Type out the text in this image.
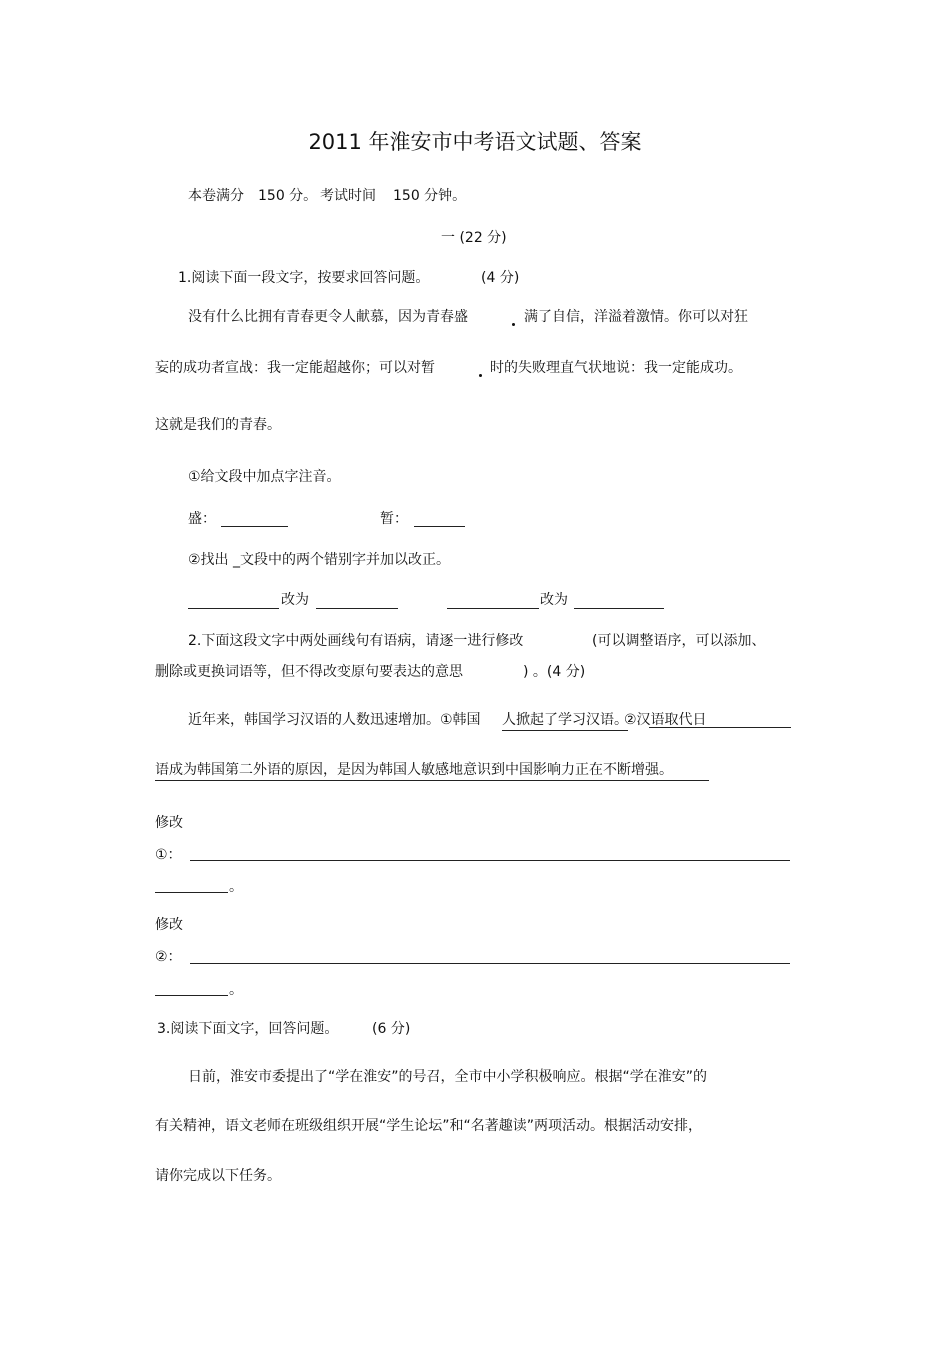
2011 年淮安市中考语文试题、答案
本卷满分 150 分。 考试时间 150 分钟。
一 (22 分)
1.阅读下面一段文字，按要求回答问题。	(4 分)
没有什么比拥有青春更令人献慕，因为青春盛	满了自信，洋溢着激情。你可以对狂
妄的成功者宣战：我一定能超越你；可以对暂	时的失败理直气状地说：我一定能成功。
这就是我们的青春。
①给文段中加点字注音。
盛：	暂：
②找出 _文段中的两个错别字并加以改正。
改为	改为
2.下面这段文字中两处画线句有语病，请逐一进行修改	(可以调整语序，可以添加、
删除或更换词语等，但不得改变原句要表达的意思	) 。(4 分)
近年来，韩国学习汉语的人数迅速增加。①韩国 人掀起了学习汉语。
②汉语取代日
语成为韩国第二外语的原因，是因为韩国人敏感地意识到中国影响力正在不断增强。
修改
①：
。
修改
②：
。
3.阅读下面文字，回答问题。 (6 分)
日前，淮安市委提出了“学在淮安”的号召，全市中小学积极响应。根据“学在淮安”的
有关精神，语文老师在班级组织开展“学生论坛”和“名著趣读”两项活动。根据活动安排，
请你完成以下任务。
